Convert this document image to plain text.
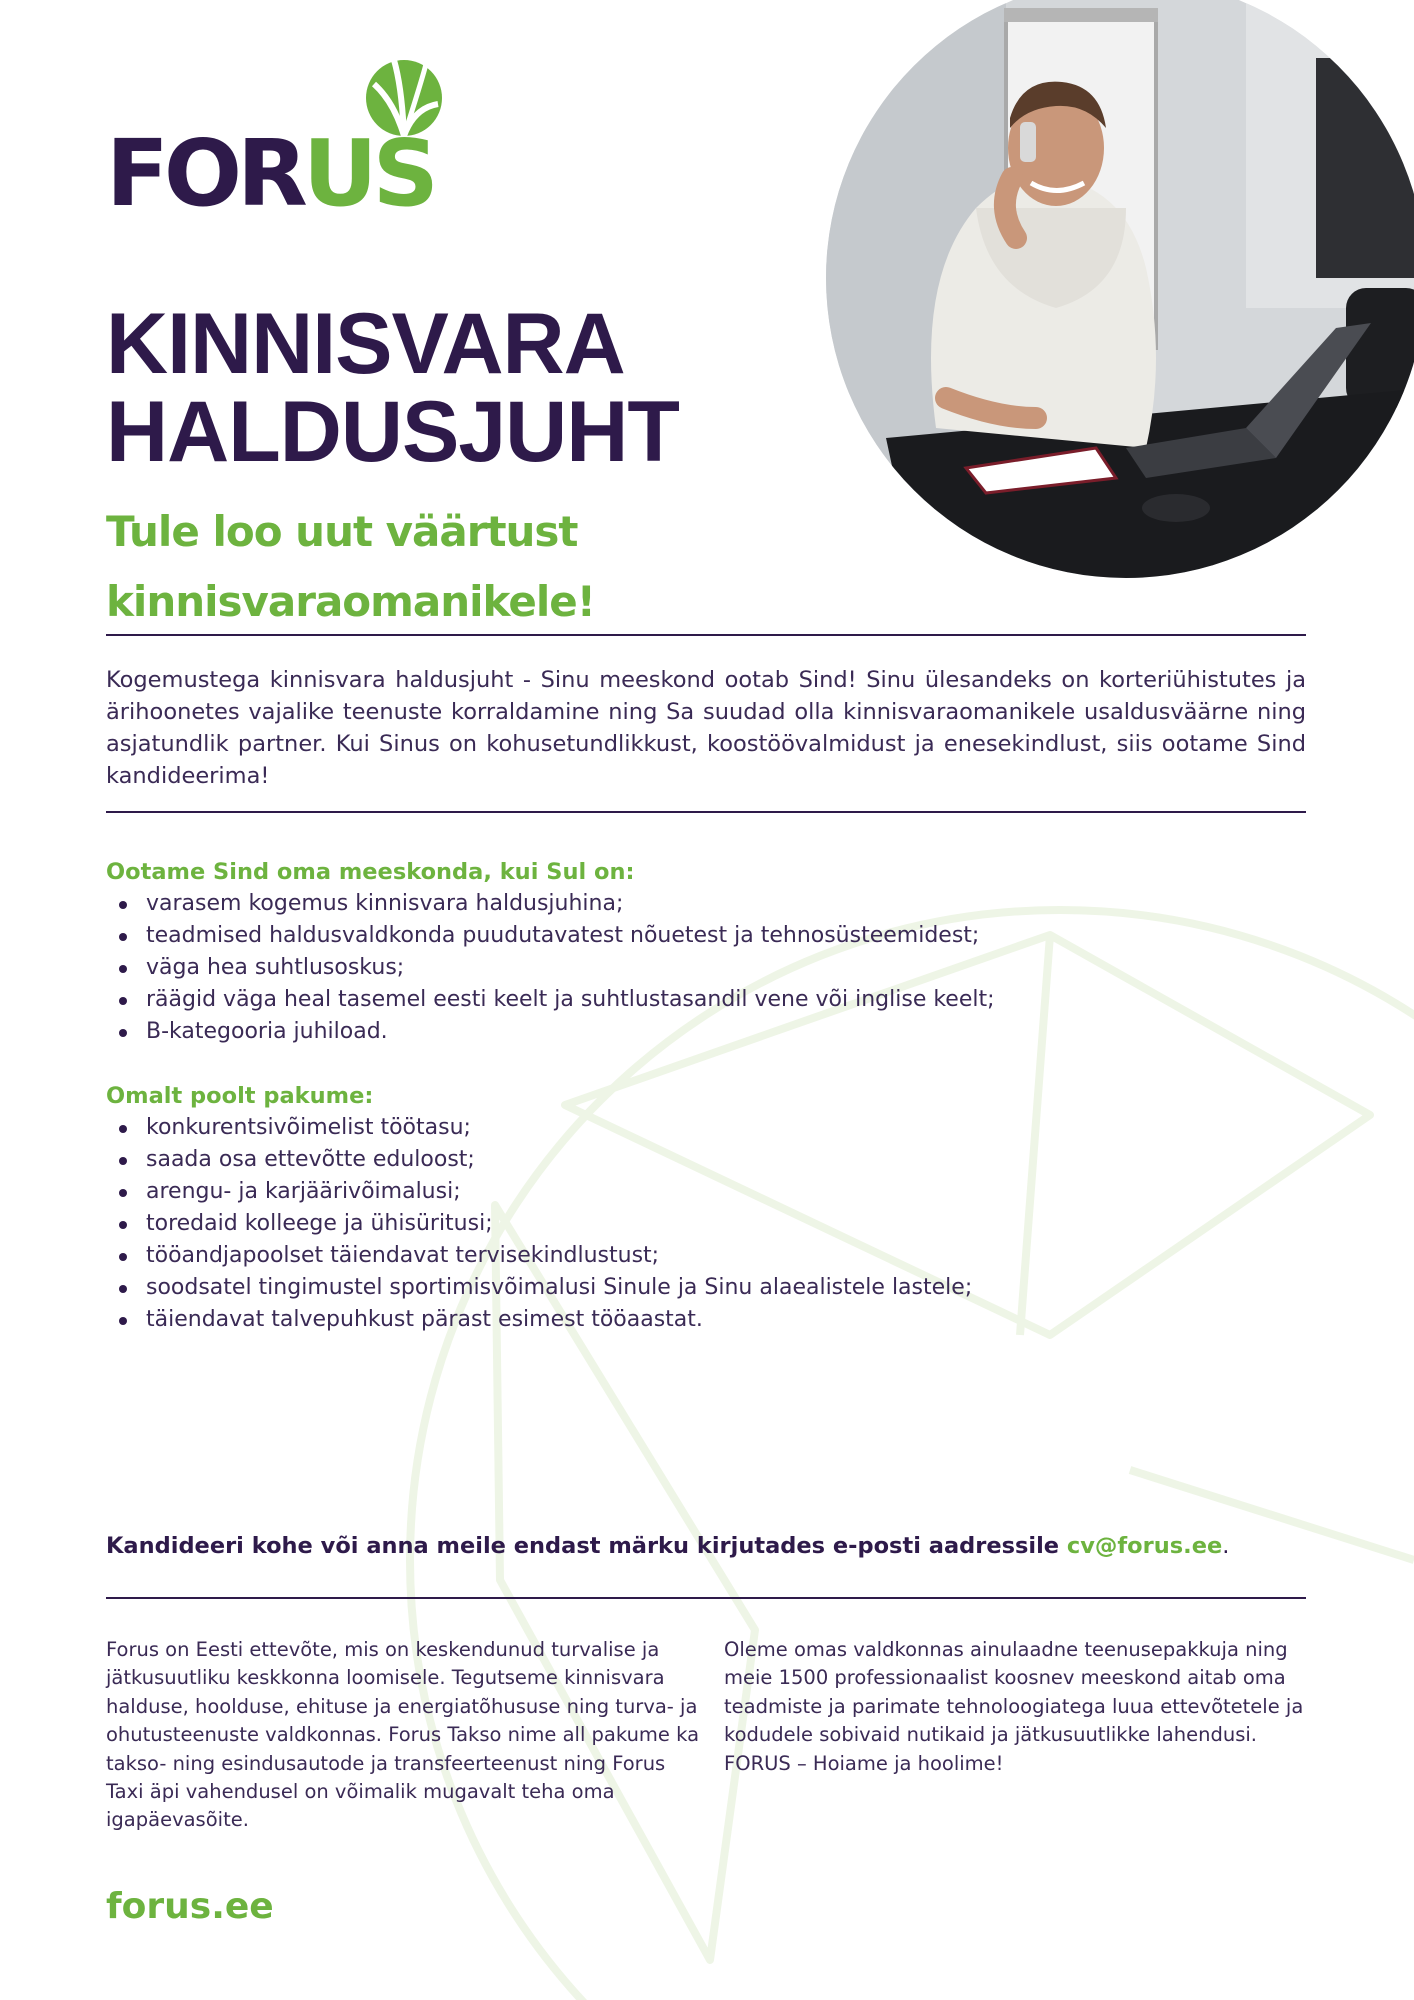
FORUS
KINNISVARA
HALDUSJUHT
Tule loo uut väärtust
kinnisvaraomanikele!

Kogemustega kinnisvara haldusjuht - Sinu meeskond ootab Sind! Sinu ülesandeks on korteriühistutes ja ärihoonetes vajalike teenuste korraldamine ning Sa suudad olla kinnisvaraomanikele usaldusväärne ning asjatundlik partner. Kui Sinus on kohusetundlikkust, koostöövalmidust ja enesekindlust, siis ootame Sind kandideerima!

Ootame Sind oma meeskonda, kui Sul on:
varasem kogemus kinnisvara haldusjuhina;
teadmised haldusvaldkonda puudutavatest nõuetest ja tehnosüsteemidest;
väga hea suhtlusoskus;
räägid väga heal tasemel eesti keelt ja suhtlustasandil vene või inglise keelt;
B-kategooria juhiload.
Omalt poolt pakume:
konkurentsivõimelist töötasu;
saada osa ettevõtte eduloost;
arengu- ja karjäärivõimalusi;
toredaid kolleege ja ühisüritusi;
tööandjapoolset täiendavat tervisekindlustust;
soodsatel tingimustel sportimisvõimalusi Sinule ja Sinu alaealistele lastele;
täiendavat talvepuhkust pärast esimest tööaastat.
Kandideeri kohe või anna meile endast märku kirjutades e-posti aadressile cv@forus.ee.

Forus on Eesti ettevõte, mis on keskendunud turvalise ja jätkusuutliku keskkonna loomisele. Tegutseme kinnisvara halduse, hoolduse, ehituse ja energiatõhususe ning turva- ja ohutusteenuste valdkonnas. Forus Takso nime all pakume ka takso- ning esindusautode ja transfeerteenust ning Forus Taxi äpi vahendusel on võimalik mugavalt teha oma igapäevasõite.

Oleme omas valdkonnas ainulaadne teenusepakkuja ning meie 1500 professionaalist koosnev meeskond aitab oma teadmiste ja parimate tehnoloogiatega luua ettevõtetele ja kodudele sobivaid nutikaid ja jätkusuutlikke lahendusi. FORUS – Hoiame ja hoolime!

forus.ee
